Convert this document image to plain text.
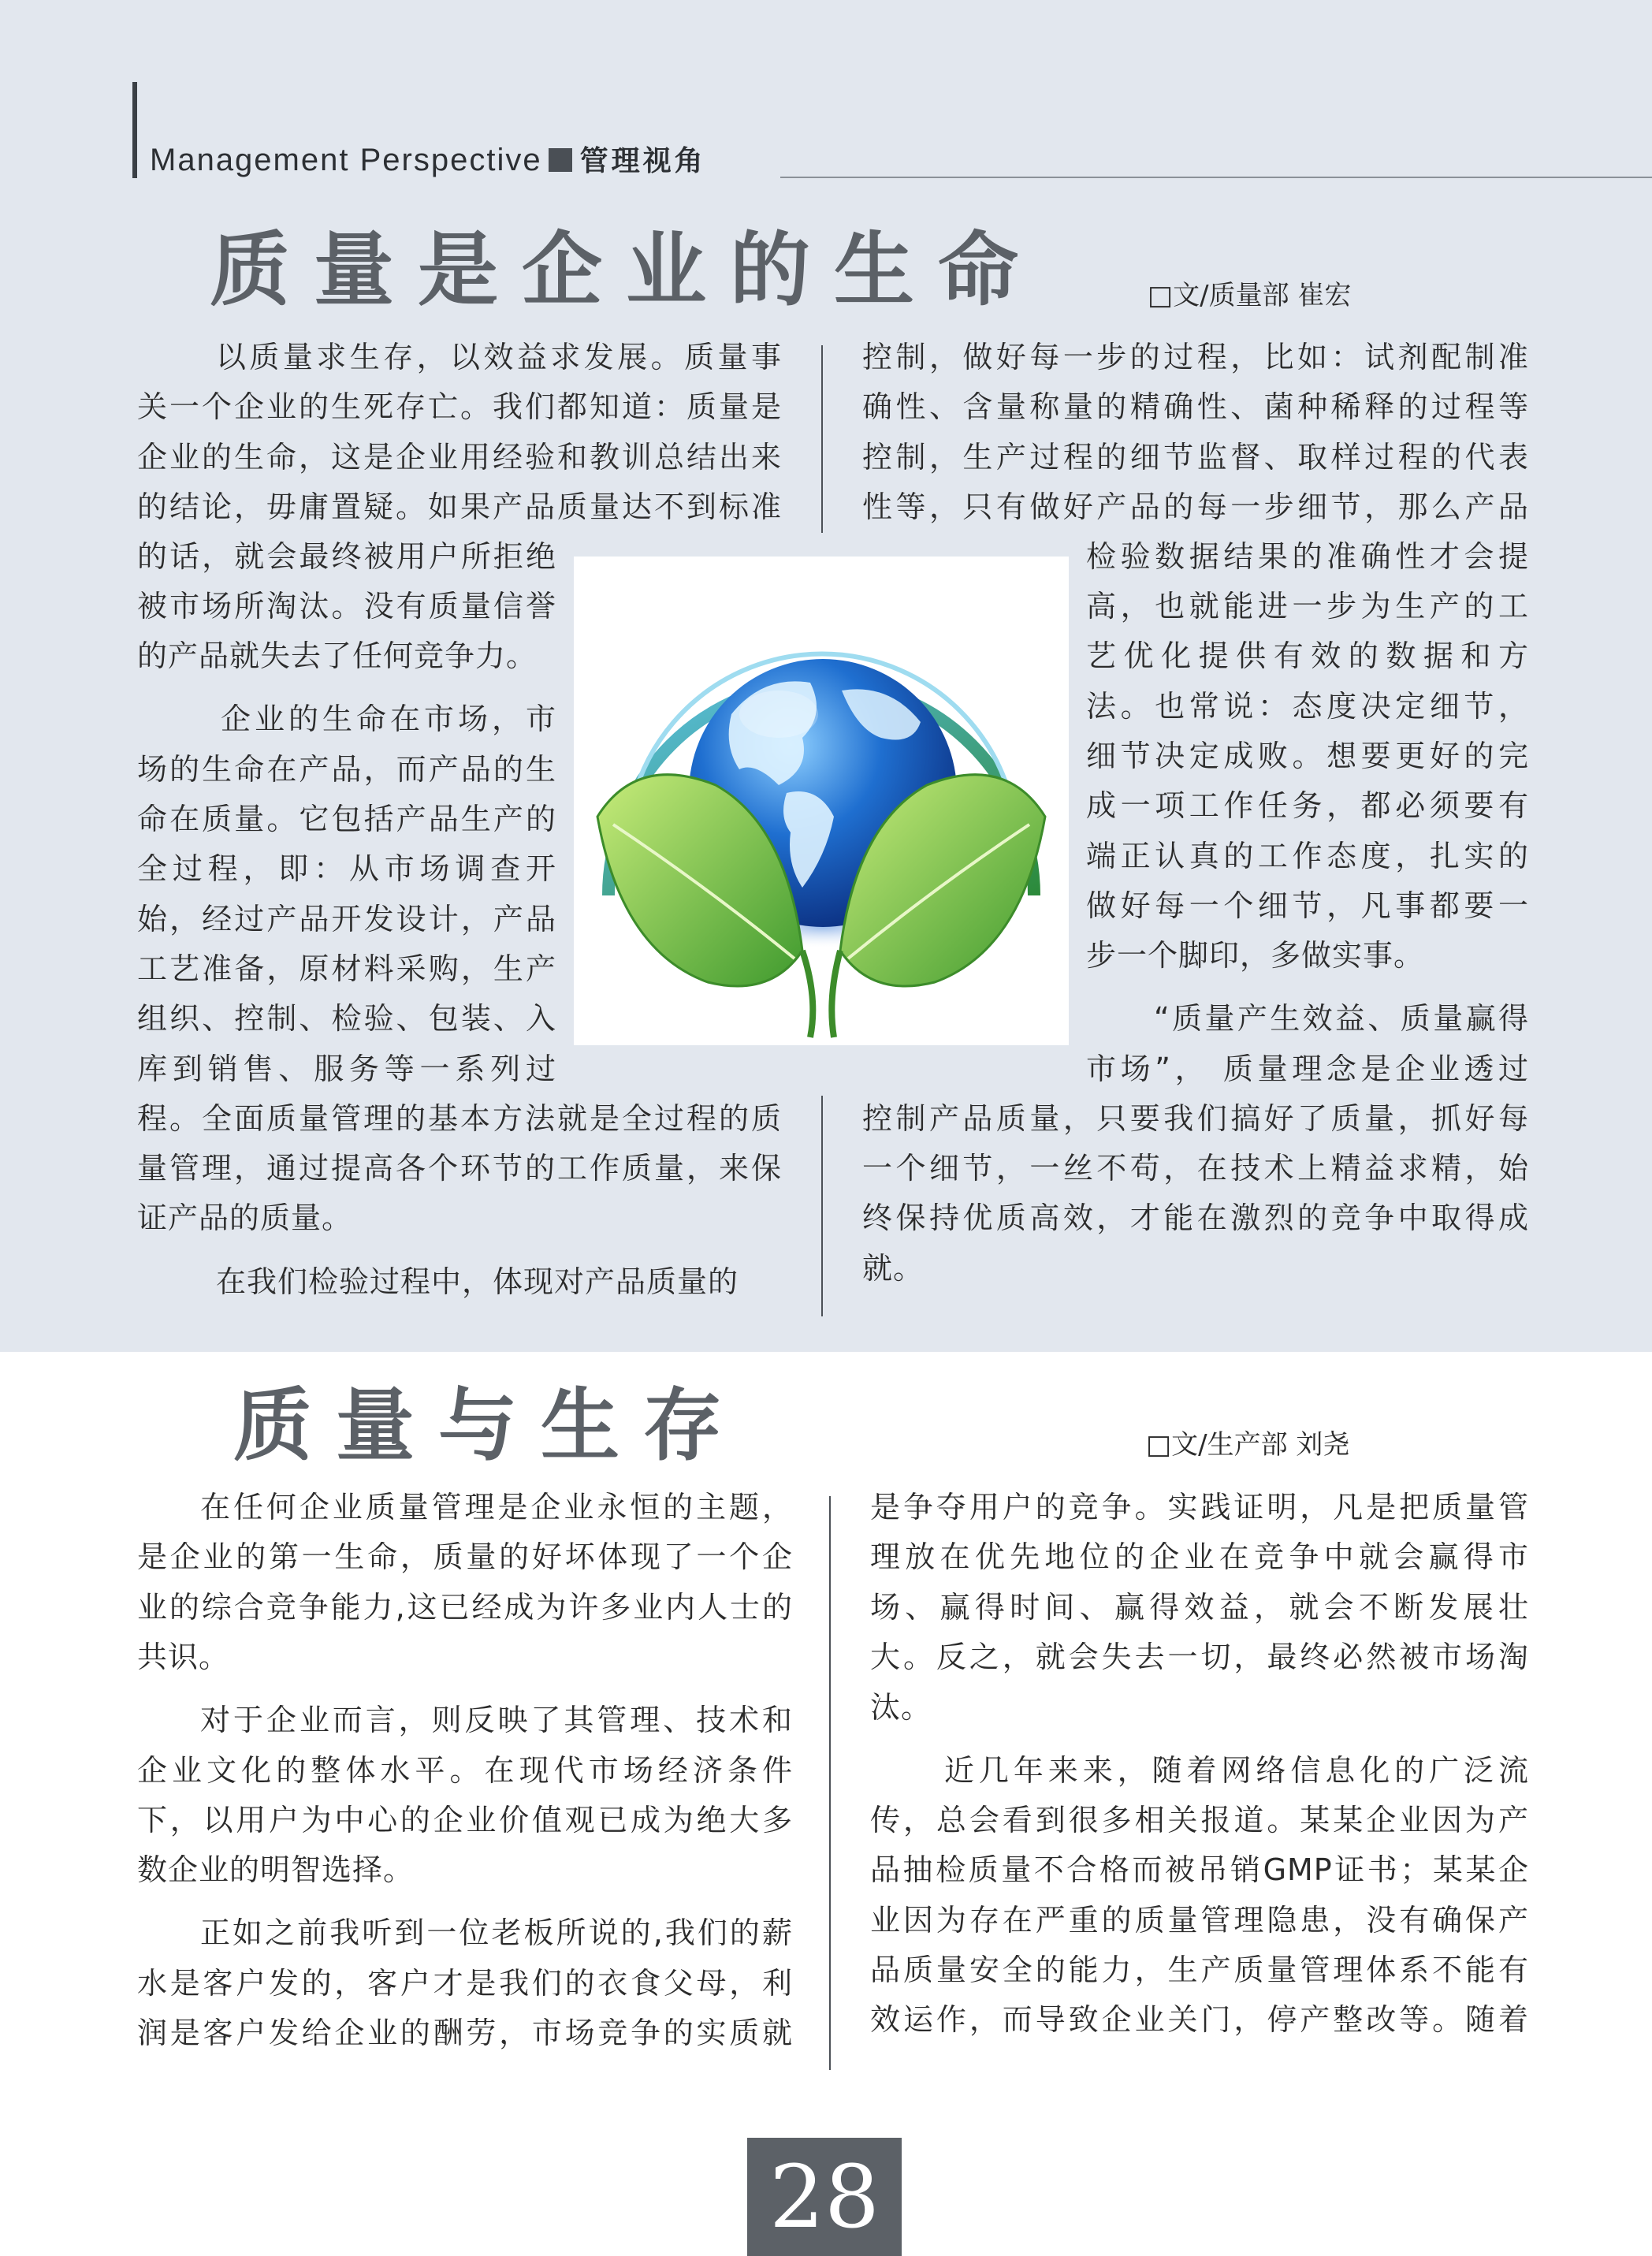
Management Perspective 管理视角
质量是企业的生命	□文/质量部 崔宏
以质量求生存，以效益求发展。质量事
关一个企业的生死存亡。我们都知道：质量是
企业的生命，这是企业用经验和教训总结出来
的结论，毋庸置疑。如果产品质量达不到标准
的话，就会最终被用户所拒绝
被市场所淘汰。没有质量信誉
的产品就失去了任何竞争力。
企业的生命在市场，市
场的生命在产品，而产品的生
命在质量。它包括产品生产的
全过程，即：从市场调查开
始，经过产品开发设计，产品
工艺准备，原材料采购，生产
组织、控制、检验、包装、入
库到销售、服务等一系列过
程。全面质量管理的基本方法就是全过程的质
量管理，通过提高各个环节的工作质量，来保
证产品的质量。
在我们检验过程中，体现对产品质量的
控制，做好每一步的过程，比如：试剂配制准
确性、含量称量的精确性、菌种稀释的过程等
控制，生产过程的细节监督、取样过程的代表
性等，只有做好产品的每一步细节，那么产品
检验数据结果的准确性才会提
高，也就能进一步为生产的工
艺优化提供有效的数据和方
法。也常说：态度决定细节，
细节决定成败。想要更好的完
成一项工作任务，都必须要有
端正认真的工作态度，扎实的
做好每一个细节，凡事都要一
步一个脚印，多做实事。
“质量产生效益、质量赢得
市场”， 质量理念是企业透过
控制产品质量，只要我们搞好了质量，抓好每
一个细节，一丝不苟，在技术上精益求精，始
终保持优质高效，才能在激烈的竞争中取得成
就。
质量与生存	□文/生产部 刘尧
在任何企业质量管理是企业永恒的主题，
是企业的第一生命，质量的好坏体现了一个企
业的综合竞争能力,这已经成为许多业内人士的
共识。
对于企业而言，则反映了其管理、技术和
企业文化的整体水平。在现代市场经济条件
下，以用户为中心的企业价值观已成为绝大多
数企业的明智选择。
正如之前我听到一位老板所说的,我们的薪
水是客户发的，客户才是我们的衣食父母，利
润是客户发给企业的酬劳，市场竞争的实质就
是争夺用户的竞争。实践证明，凡是把质量管
理放在优先地位的企业在竞争中就会赢得市
场、赢得时间、赢得效益，就会不断发展壮
大。反之，就会失去一切，最终必然被市场淘
汰。
近几年来来，随着网络信息化的广泛流
传，总会看到很多相关报道。某某企业因为产
品抽检质量不合格而被吊销GMP证书；某某企
业因为存在严重的质量管理隐患，没有确保产
品质量安全的能力，生产质量管理体系不能有
效运作，而导致企业关门，停产整改等。随着
28
